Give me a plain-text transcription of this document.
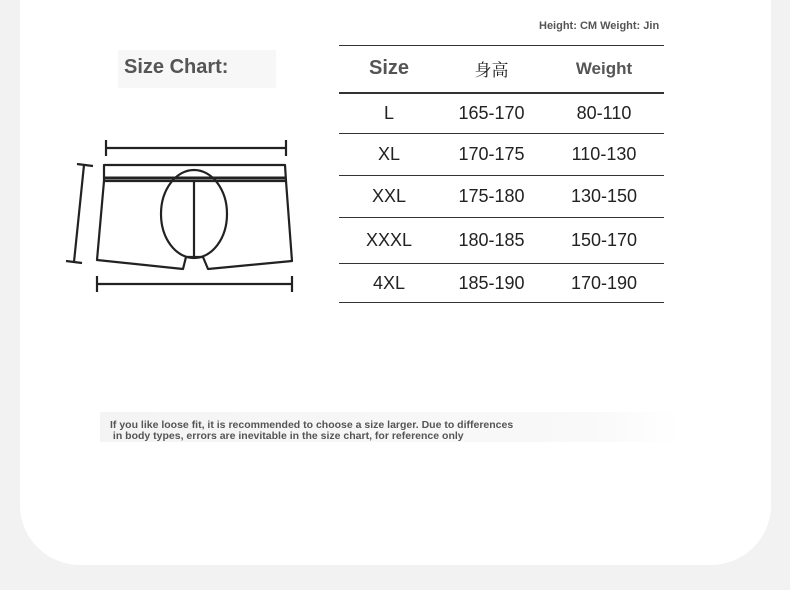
Height: CM Weight: Jin
Size Chart:	Size	身高	Weight
L	165-170	80-110
XL	170-175	110-130
XXL	175-180	130-150
XXXL	180-185	150-170
4XL	185-190	170-190
If you like loose fit, it is recommended to choose a size larger. Due to differences
in body types, errors are inevitable in the size chart, for reference only
